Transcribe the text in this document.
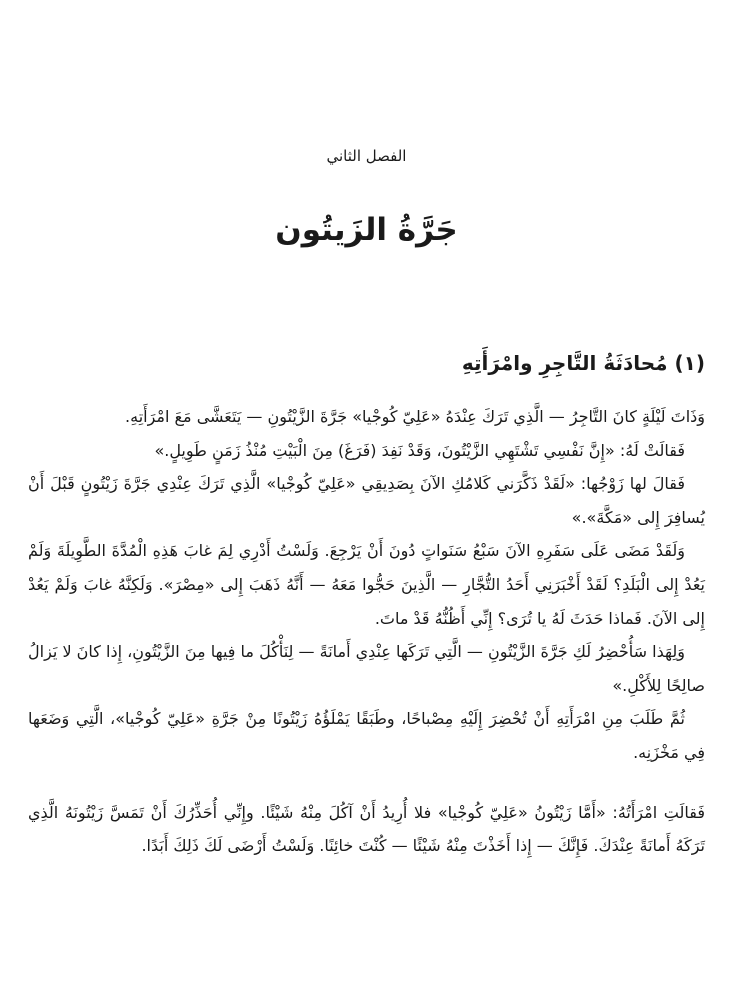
الفصل الثاني
جَرَّةُ الزَيتُون
(١) مُحادَثَةُ التَّاجِرِ وامْرَأَتِهِ

وَذَاتَ لَيْلَةٍ كانَ التَّاجِرُ — الَّذِي تَرَكَ عِنْدَهُ «عَلِيّ كُوجْيا» جَرَّةَ الزَّيْتُونِ — يَتَعَشَّى مَعَ امْرَأَتِهِ.

فَقالَتْ لَهُ: «إِنَّ نَفْسِي تَشْتَهِي الزَّيْتُونَ، وَقَدْ نَفِدَ (فَرَغَ) مِنَ الْبَيْتِ مُنْذُ زَمَنٍ طَوِيلٍ.»

فَقالَ لها زَوْجُها: «لَقَدْ ذَكَّرَني كَلامُكِ الآنَ بِصَدِيقِي «عَلِيّ كُوجْيا» الَّذِي تَرَكَ عِنْدِي جَرَّةَ زَيْتُونٍ قَبْلَ أَنْ يُسافِرَ إِلى «مَكَّةَ».»

وَلَقَدْ مَضَى عَلَى سَفَرِهِ الآنَ سَبْعُ سَنَواتٍ دُونَ أَنْ يَرْجِعَ. وَلَسْتُ أَدْرِي لِمَ غابَ هَذِهِ الْمُدَّةَ الطَّوِيلَةَ وَلَمْ يَعُدْ إِلى الْبَلَدِ؟ لَقَدْ أَخْبَرَنِي أَحَدُ التُّجَّارِ — الَّذِينَ حَجُّوا مَعَهُ — أَنَّهُ ذَهَبَ إِلى «مِصْرَ». وَلَكِنَّهُ غابَ وَلَمْ يَعُدْ إِلى الآنَ. فَماذا حَدَثَ لَهُ يا تُرَى؟ إِنِّي أَظُنُّهُ قَدْ ماتَ.

وَلِهَذا سَأُحْضِرُ لَكِ جَرَّةَ الزَّيْتُونِ — الَّتِي تَرَكَها عِنْدِي أَمانَةً — لِنَأْكُلَ ما فِيها مِنَ الزَّيْتُونِ، إِذا كانَ لا يَزالُ صالِحًا لِلأَكْلِ.»

ثُمَّ طَلَبَ مِنِ امْرَأَتِهِ أَنْ تُحْضِرَ إِلَيْهِ مِصْباحًا، وطَبَقًا يَمْلَؤُهُ زَيْتُونًا مِنْ جَرَّةِ «عَلِيّ كُوجْيا»، الَّتِي وَضَعَها فِي مَخْزَنِه.

فَقالَتِ امْرَأَتُهُ: «أَمَّا زَيْتُونُ «عَلِيّ كُوجْيا» فلا أُرِيدُ أَنْ آكُلَ مِنْهُ شَيْئًا. وإِنِّي أُحَذِّرُكَ أَنْ تَمَسَّ زَيْتُونَهُ الَّذِي تَرَكَهُ أَمانَةً عِنْدَكَ. فَإِنَّكَ — إِذا أَخَذْتَ مِنْهُ شَيْئًا — كُنْتَ خائِنًا. وَلَسْتُ أَرْضَى لَكَ ذَلِكَ أَبَدًا.
